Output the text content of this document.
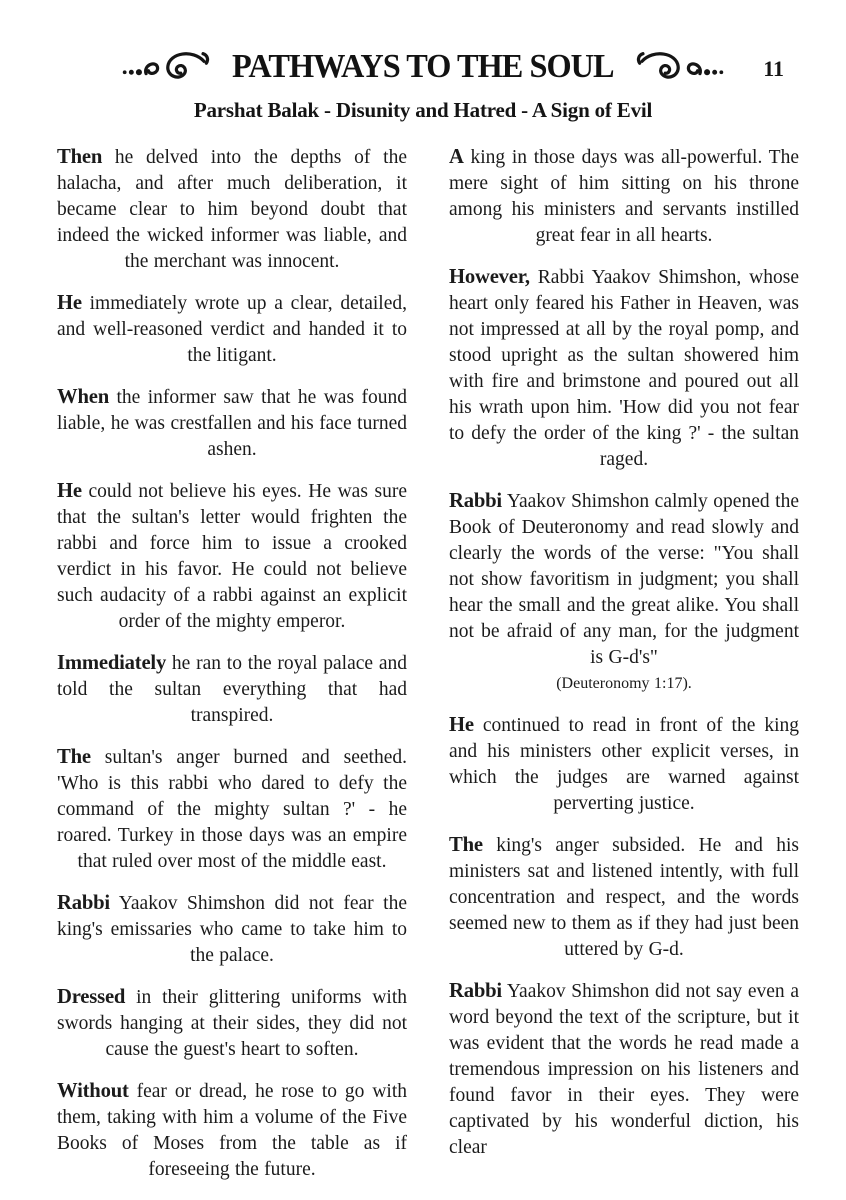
PATHWAYS TO THE SOUL	11
Parshat Balak - Disunity and Hatred - A Sign of Evil

Then he delved into the depths of the halacha, and after much deliberation, it became clear to him beyond doubt that indeed the wicked informer was liable, and the merchant was innocent.

He immediately wrote up a clear, detailed, and well-reasoned verdict and handed it to the litigant.

When the informer saw that he was found liable, he was crestfallen and his face turned ashen.

He could not believe his eyes. He was sure that the sultan's letter would frighten the rabbi and force him to issue a crooked verdict in his favor. He could not believe such audacity of a rabbi against an explicit order of the mighty emperor.

Immediately he ran to the royal palace and told the sultan everything that had transpired.

The sultan's anger burned and seethed. 'Who is this rabbi who dared to defy the command of the mighty sultan ?' - he roared. Turkey in those days was an empire that ruled over most of the middle east.

Rabbi Yaakov Shimshon did not fear the king's emissaries who came to take him to the palace.

Dressed in their glittering uniforms with swords hanging at their sides, they did not cause the guest's heart to soften.

Without fear or dread, he rose to go with them, taking with him a volume of the Five Books of Moses from the table as if foreseeing the future.

A king in those days was all-powerful. The mere sight of him sitting on his throne among his ministers and servants instilled great fear in all hearts.

However, Rabbi Yaakov Shimshon, whose heart only feared his Father in Heaven, was not impressed at all by the royal pomp, and stood upright as the sultan showered him with fire and brimstone and poured out all his wrath upon him. 'How did you not fear to defy the order of the king ?' - the sultan raged.

Rabbi Yaakov Shimshon calmly opened the Book of Deuteronomy and read slowly and clearly the words of the verse: "You shall not show favoritism in judgment; you shall hear the small and the great alike. You shall not be afraid of any man, for the judgment is G-d's"
(Deuteronomy 1:17).

He continued to read in front of the king and his ministers other explicit verses, in which the judges are warned against perverting justice.

The king's anger subsided. He and his ministers sat and listened intently, with full concentration and respect, and the words seemed new to them as if they had just been uttered by G-d.

Rabbi Yaakov Shimshon did not say even a word beyond the text of the scripture, but it was evident that the words he read made a tremendous impression on his listeners and found favor in their eyes. They were captivated by his wonderful diction, his clear
